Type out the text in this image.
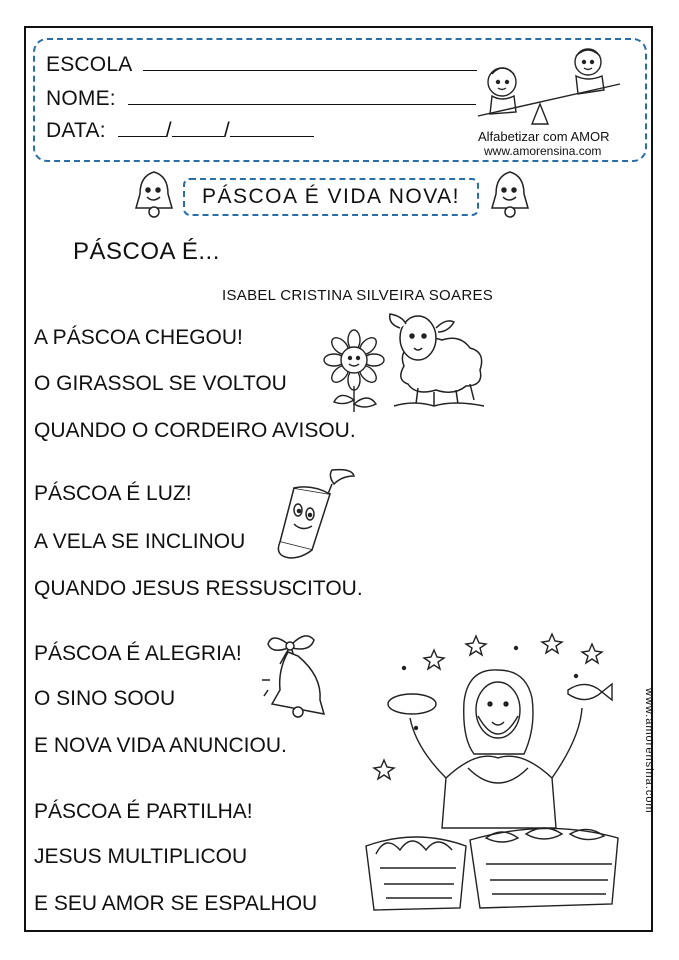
ESCOLA
NOME:
DATA:	/ /	Alfabetizar com AMOR
www.amorensina.com
PÁSCOA É VIDA NOVA!
PÁSCOA É...
ISABEL CRISTINA SILVEIRA SOARES
A PÁSCOA CHEGOU!
O GIRASSOL SE VOLTOU
QUANDO O CORDEIRO AVISOU.
PÁSCOA É LUZ!
A VELA SE INCLINOU
QUANDO JESUS RESSUSCITOU.
PÁSCOA É ALEGRIA!
O SINO SOOU
E NOVA VIDA ANUNCIOU.
PÁSCOA É PARTILHA!
JESUS MULTIPLICOU
E SEU AMOR SE ESPALHOU
www.amorensina.com
